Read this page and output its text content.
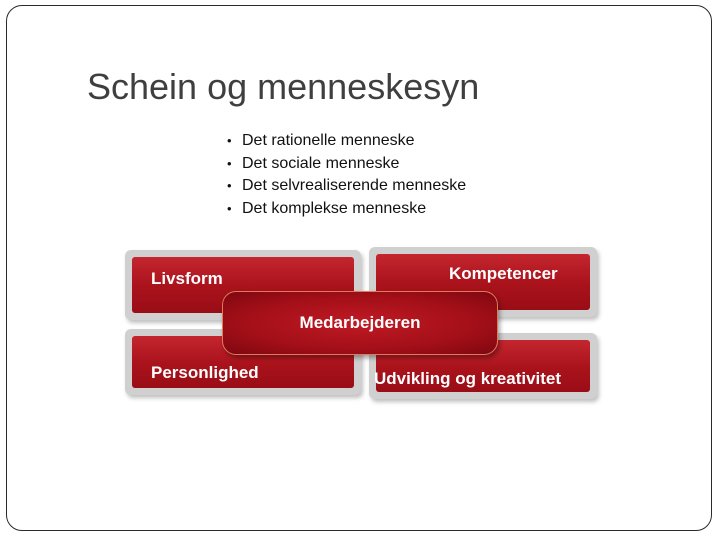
Schein og menneskesyn
• Det rationelle menneske
• Det sociale menneske
• Det selvrealiserende menneske
• Det komplekse menneske
Livsform	Kompetencer
Personlighed	Udvikling og kreativitet
Medarbejderen
